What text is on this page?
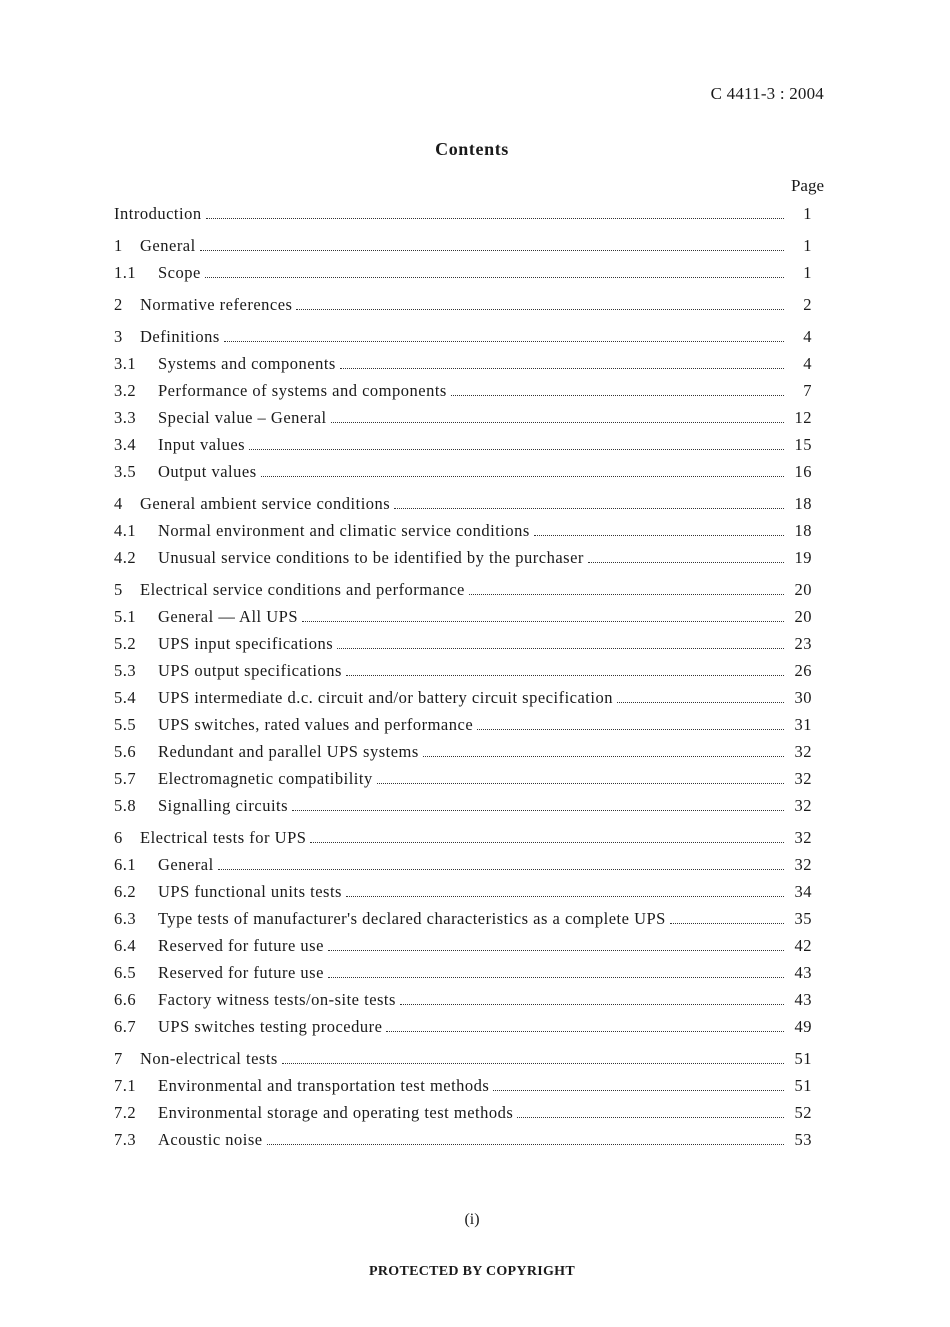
C 4411-3 : 2004
Contents
Page
Introduction	1
1	General	1
1.1	Scope	1
2	Normative references	2
3	Definitions	4
3.1	Systems and components	4
3.2	Performance of systems and components	7
3.3	Special value – General	12
3.4	Input values	15
3.5	Output values	16
4	General ambient service conditions	18
4.1	Normal environment and climatic service conditions	18
4.2	Unusual service conditions to be identified by the purchaser	19
5	Electrical service conditions and performance	20
5.1	General — All UPS	20
5.2	UPS input specifications	23
5.3	UPS output specifications	26
5.4	UPS intermediate d.c. circuit and/or battery circuit specification	30
5.5	UPS switches, rated values and performance	31
5.6	Redundant and parallel UPS systems	32
5.7	Electromagnetic compatibility	32
5.8	Signalling circuits	32
6	Electrical tests for UPS	32
6.1	General	32
6.2	UPS functional units tests	34
6.3	Type tests of manufacturer's declared characteristics as a complete UPS	35
6.4	Reserved for future use	42
6.5	Reserved for future use	43
6.6	Factory witness tests/on-site tests	43
6.7	UPS switches testing procedure	49
7	Non-electrical tests	51
7.1	Environmental and transportation test methods	51
7.2	Environmental storage and operating test methods	52
7.3	Acoustic noise	53
(i)
PROTECTED BY COPYRIGHT
